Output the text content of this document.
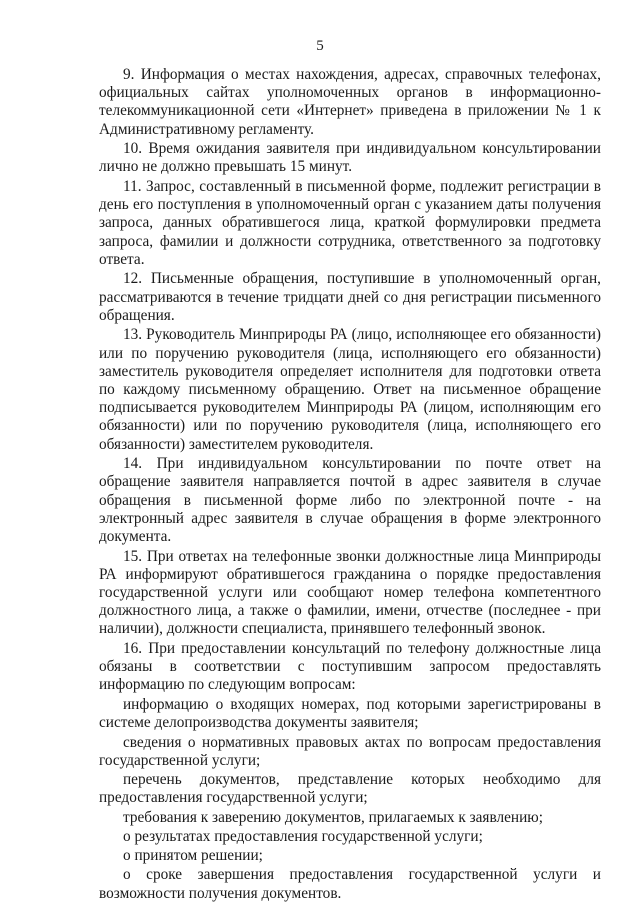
5

9. Информация о местах нахождения, адресах, справочных телефонах, официальных сайтах уполномоченных органов в информационно-телекоммуникационной сети «Интернет» приведена в приложении № 1 к Административному регламенту.

10. Время ожидания заявителя при индивидуальном консультировании лично не должно превышать 15 минут.

11. Запрос, составленный в письменной форме, подлежит регистрации в день его поступления в уполномоченный орган с указанием даты получения запроса, данных обратившегося лица, краткой формулировки предмета запроса, фамилии и должности сотрудника, ответственного за подготовку ответа.

12. Письменные обращения, поступившие в уполномоченный орган, рассматриваются в течение тридцати дней со дня регистрации письменного обращения.

13. Руководитель Минприроды РА (лицо, исполняющее его обязанности) или по поручению руководителя (лица, исполняющего его обязанности) заместитель руководителя определяет исполнителя для подготовки ответа по каждому письменному обращению. Ответ на письменное обращение подписывается руководителем Минприроды РА (лицом, исполняющим его обязанности) или по поручению руководителя (лица, исполняющего его обязанности) заместителем руководителя.

14. При индивидуальном консультировании по почте ответ на обращение заявителя направляется почтой в адрес заявителя в случае обращения в письменной форме либо по электронной почте - на электронный адрес заявителя в случае обращения в форме электронного документа.

15. При ответах на телефонные звонки должностные лица Минприроды РА информируют обратившегося гражданина о порядке предоставления государственной услуги или сообщают номер телефона компетентного должностного лица, а также о фамилии, имени, отчестве (последнее - при наличии), должности специалиста, принявшего телефонный звонок.

16. При предоставлении консультаций по телефону должностные лица обязаны в соответствии с поступившим запросом предоставлять информацию по следующим вопросам:

информацию о входящих номерах, под которыми зарегистрированы в системе делопроизводства документы заявителя;

сведения о нормативных правовых актах по вопросам предоставления государственной услуги;

перечень документов, представление которых необходимо для предоставления государственной услуги;

требования к заверению документов, прилагаемых к заявлению;

о результатах предоставления государственной услуги;

о принятом решении;

о сроке завершения предоставления государственной услуги и возможности получения документов.
